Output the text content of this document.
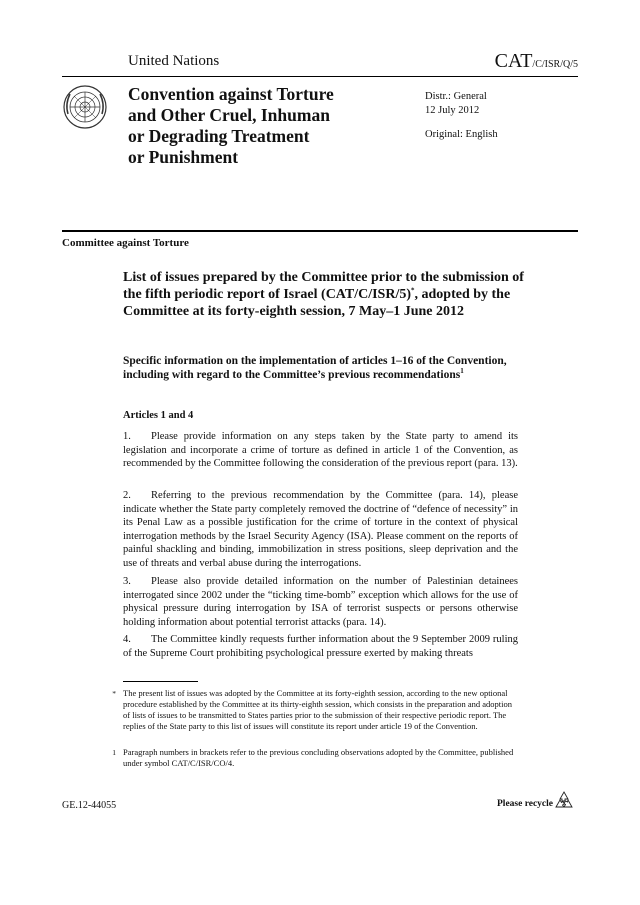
United Nations	CAT/C/ISR/Q/5
Convention against Torture
and Other Cruel, Inhuman
or Degrading Treatment
or Punishment
Distr.: General
12 July 2012
Original: English
Committee against Torture
List of issues prepared by the Committee prior to the submission of the fifth periodic report of Israel (CAT/C/ISR/5)*, adopted by the Committee at its forty-eighth session, 7 May–1 June 2012
Specific information on the implementation of articles 1–16 of the Convention, including with regard to the Committee’s previous recommendations$^1$
Articles 1 and 4
1. Please provide information on any steps taken by the State party to amend its legislation and incorporate a crime of torture as defined in article 1 of the Convention, as recommended by the Committee following the consideration of the previous report (para. 13).
2. Referring to the previous recommendation by the Committee (para. 14), please indicate whether the State party completely removed the doctrine of “defence of necessity” in its Penal Law as a possible justification for the crime of torture in the context of physical interrogation methods by the Israel Security Agency (ISA). Please comment on the reports of painful shackling and binding, immobilization in stress positions, sleep deprivation and the use of threats and verbal abuse during the interrogations.
3. Please also provide detailed information on the number of Palestinian detainees interrogated since 2002 under the “ticking time-bomb” exception which allows for the use of physical pressure during interrogation by ISA of terrorist suspects or persons otherwise holding information about potential terrorist attacks (para. 14).
4. The Committee kindly requests further information about the 9 September 2009 ruling of the Supreme Court prohibiting psychological pressure exerted by making threats
* The present list of issues was adopted by the Committee at its forty-eighth session, according to the new optional procedure established by the Committee at its thirty-eighth session, which consists in the preparation and adoption of lists of issues to be transmitted to States parties prior to the submission of their respective periodic report. The replies of the State party to this list of issues will constitute its report under article 19 of the Convention.
1 Paragraph numbers in brackets refer to the previous concluding observations adopted by the Committee, published under symbol CAT/C/ISR/CO/4.
GE.12-44055	Please recycle
